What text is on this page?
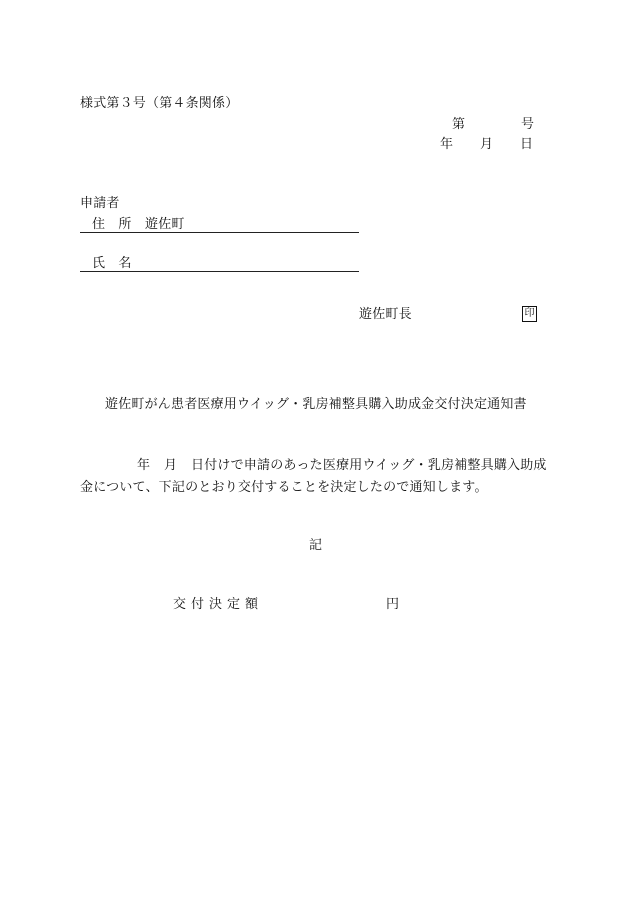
様式第３号（第４条関係）
第	号
年 月 日
申請者
住　所 遊佐町
氏　名
遊佐町長	印
遊佐町がん患者医療用ウイッグ・乳房補整具購入助成金交付決定通知書
年 月 日付けで申請のあった医療用ウイッグ・乳房補整具購入助成
金について、下記のとおり交付することを決定したので通知します。
記
交付決定額	円
